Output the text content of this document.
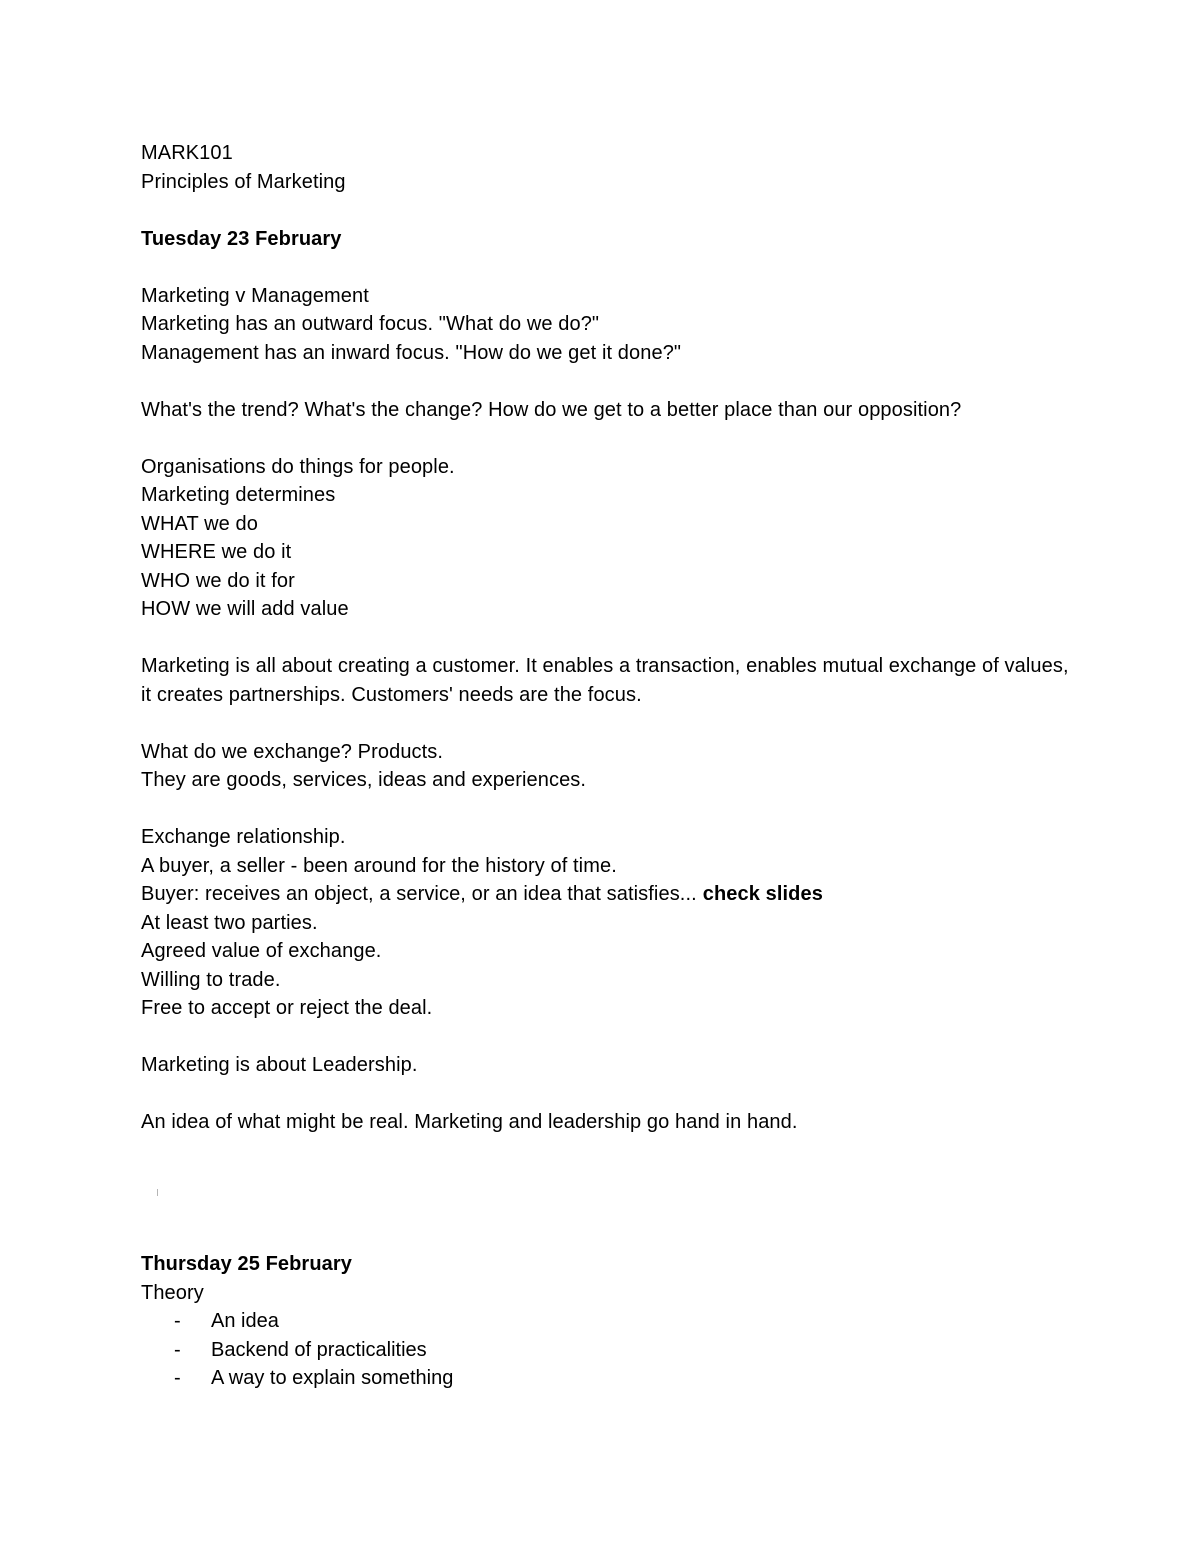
MARK101
Principles of Marketing
Tuesday 23 February
Marketing v Management
Marketing has an outward focus. "What do we do?"
Management has an inward focus. "How do we get it done?"
What's the trend? What's the change? How do we get to a better place than our opposition?
Organisations do things for people.
Marketing determines
WHAT we do
WHERE we do it
WHO we do it for
HOW we will add value
Marketing is all about creating a customer. It enables a transaction, enables mutual exchange of values, it creates partnerships. Customers' needs are the focus.
What do we exchange? Products.
They are goods, services, ideas and experiences.
Exchange relationship.
A buyer, a seller - been around for the history of time.
Buyer: receives an object, a service, or an idea that satisfies... check slides
At least two parties.
Agreed value of exchange.
Willing to trade.
Free to accept or reject the deal.
Marketing is about Leadership.
An idea of what might be real. Marketing and leadership go hand in hand.
Thursday 25 February
Theory
- An idea
- Backend of practicalities
- A way to explain something
